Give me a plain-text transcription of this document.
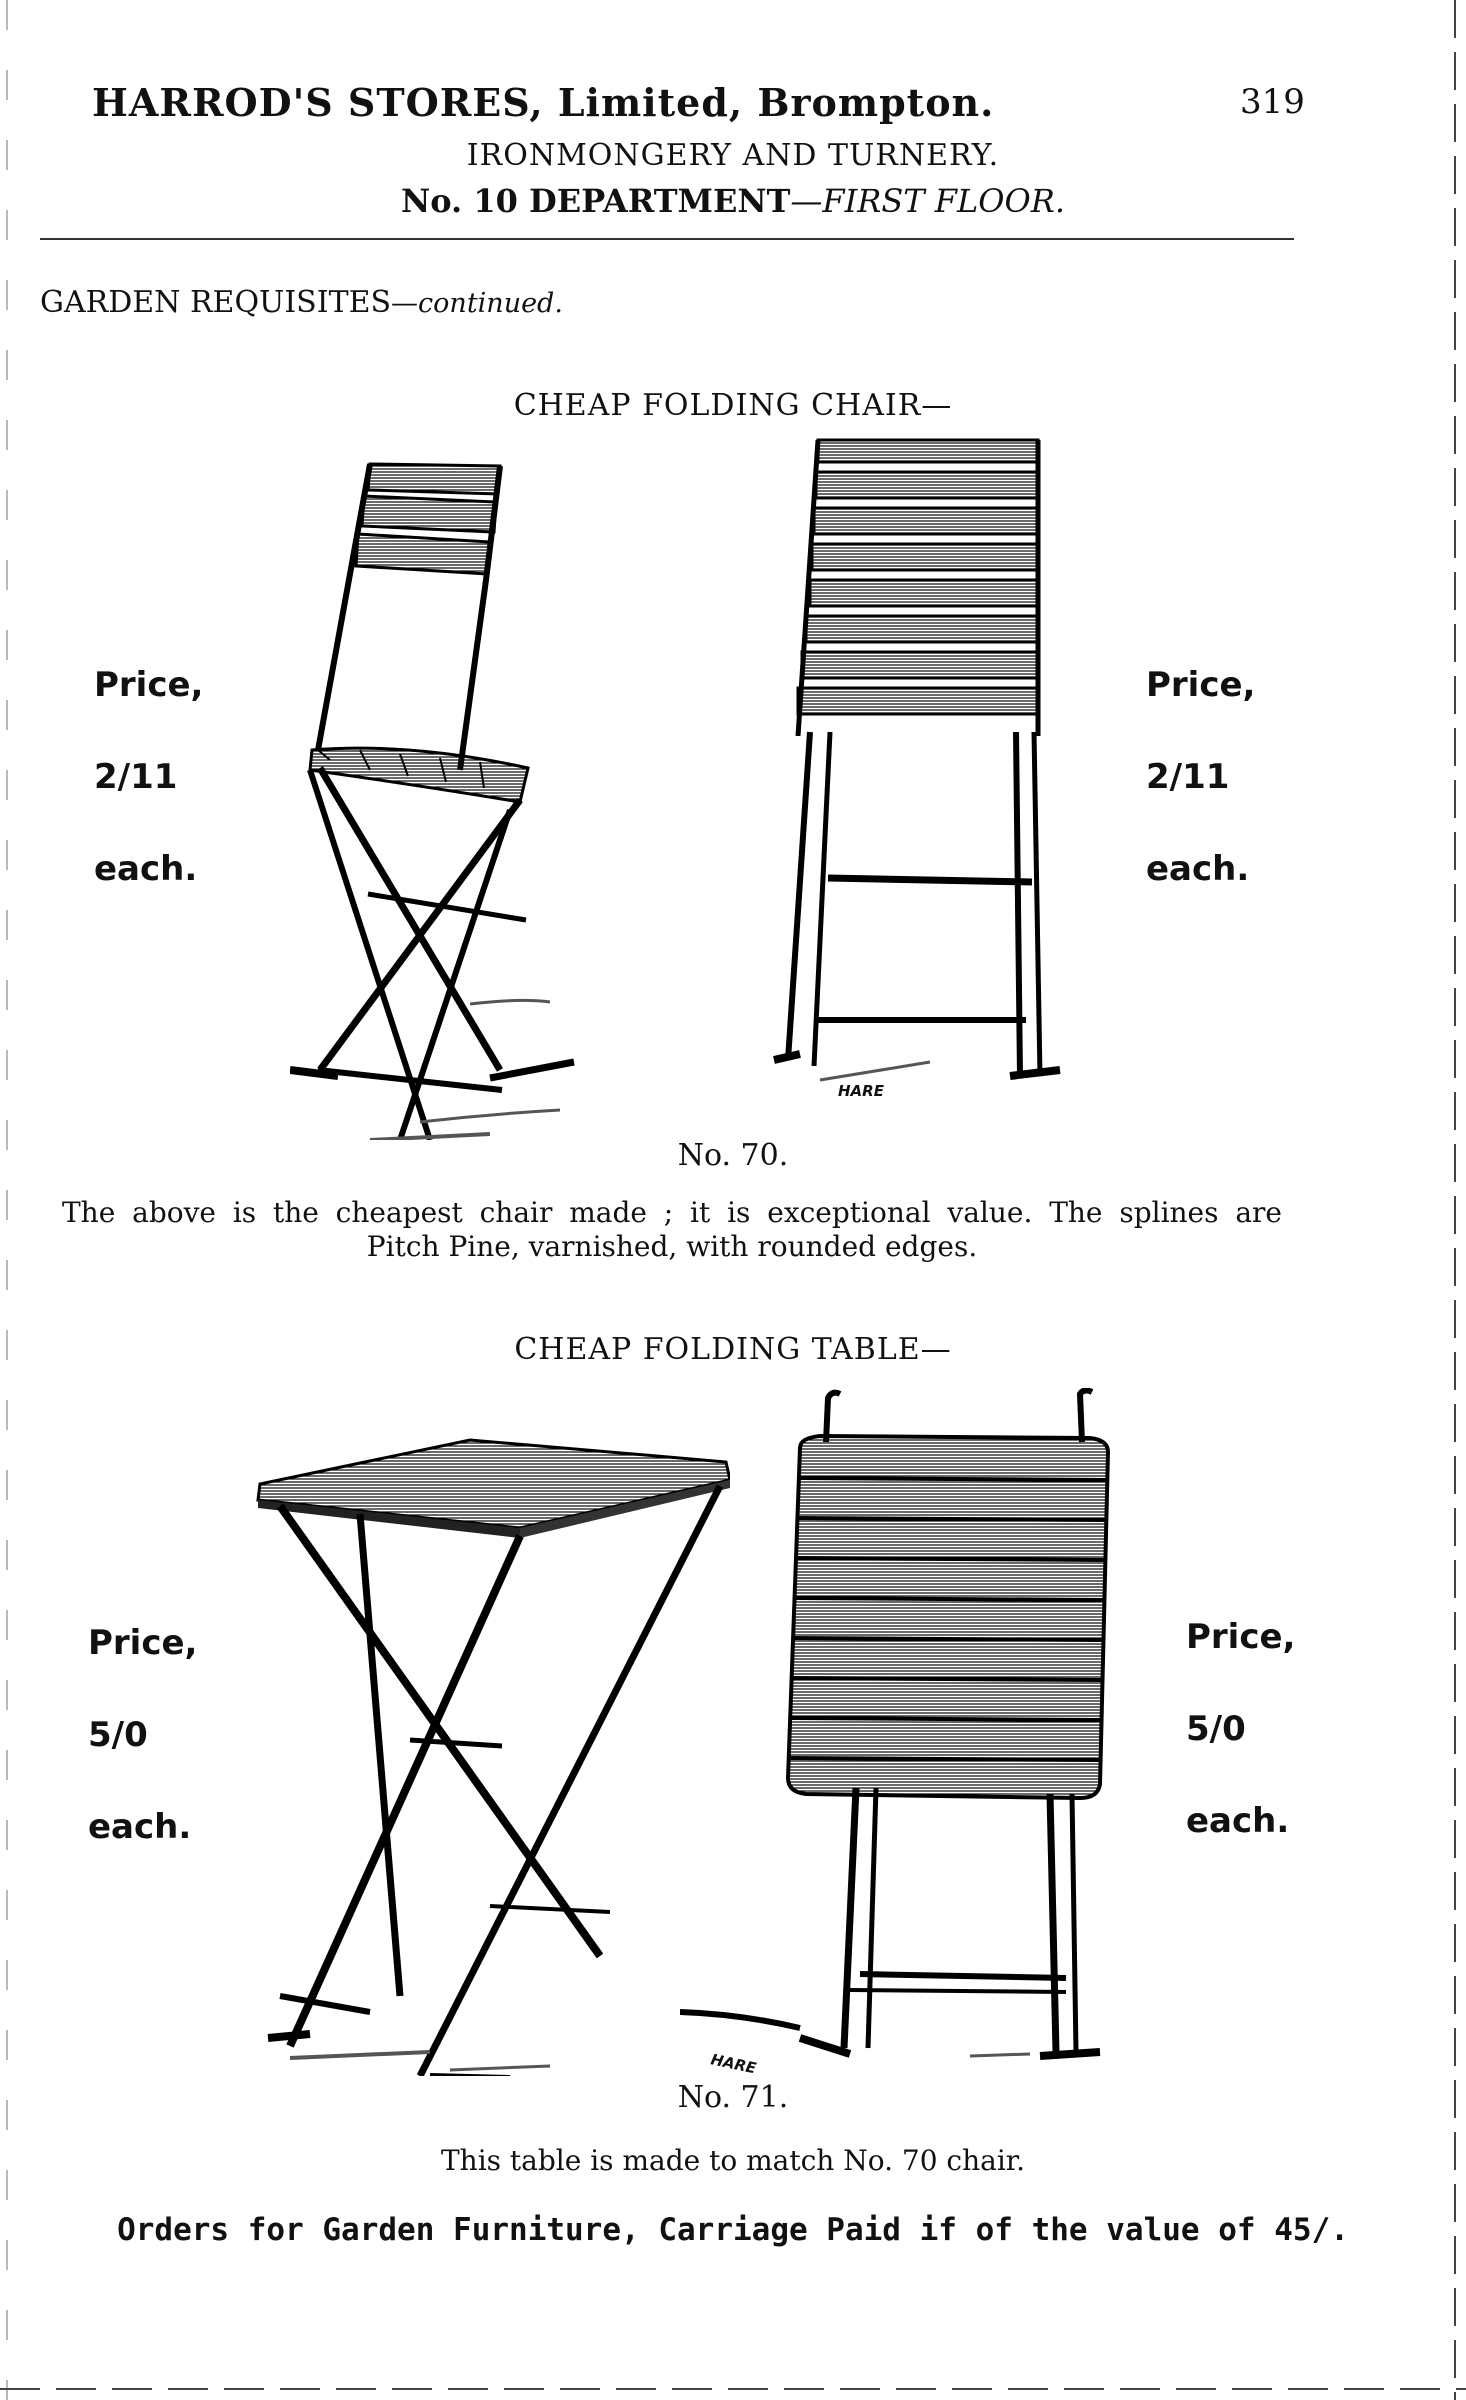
HARROD'S STORES, Limited, Brompton.	319
IRONMONGERY AND TURNERY.
No. 10 DEPARTMENT—FIRST FLOOR.
GARDEN REQUISITES—continued.
CHEAP FOLDING CHAIR—
Price,
2/11
each.
Price,
2/11
each.
HARE
No. 70.
The above is the cheapest chair made ; it is exceptional value. The splines are
Pitch Pine, varnished, with rounded edges.
CHEAP FOLDING TABLE—
Price,
5/0
each.
Price,
5/0
each.
HARE
No. 71.
This table is made to match No. 70 chair.
Orders for Garden Furniture, Carriage Paid if of the value of 45/.
